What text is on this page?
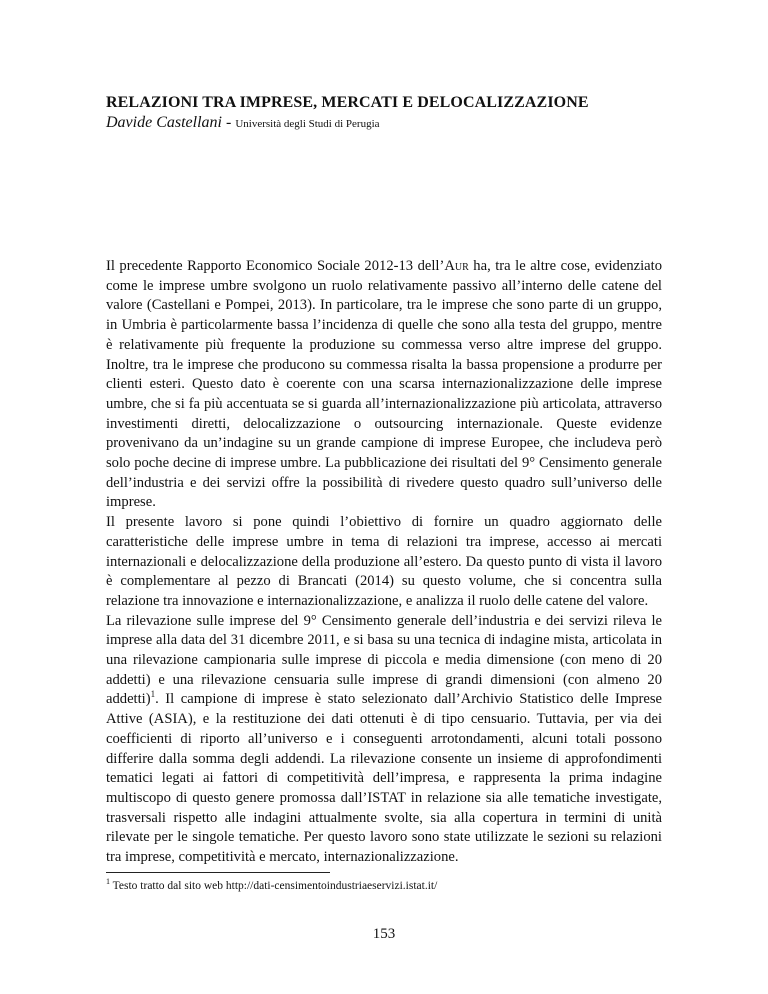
RELAZIONI TRA IMPRESE, MERCATI E DELOCALIZZAZIONE
Davide Castellani - Università degli Studi di Perugia

Il precedente Rapporto Economico Sociale 2012-13 dell’Aur ha, tra le altre cose, evidenziato come le imprese umbre svolgono un ruolo relativamente passivo all’interno delle catene del valore (Castellani e Pompei, 2013). In particolare, tra le imprese che sono parte di un gruppo, in Umbria è particolarmente bassa l’incidenza di quelle che sono alla testa del gruppo, mentre è relativamente più frequente la produzione su commessa verso altre imprese del gruppo. Inoltre, tra le imprese che producono su commessa risalta la bassa propensione a produrre per clienti esteri. Questo dato è coerente con una scarsa internazionalizzazione delle imprese umbre, che si fa più accentuata se si guarda all’internazionalizzazione più articolata, attraverso investimenti diretti, delocalizzazione o outsourcing internazionale. Queste evidenze provenivano da un’indagine su un grande campione di imprese Europee, che includeva però solo poche decine di imprese umbre. La pubblicazione dei risultati del 9° Censimento generale dell’industria e dei servizi offre la possibilità di rivedere questo quadro sull’universo delle imprese.

Il presente lavoro si pone quindi l’obiettivo di fornire un quadro aggiornato delle caratteristiche delle imprese umbre in tema di relazioni tra imprese, accesso ai mercati internazionali e delocalizzazione della produzione all’estero. Da questo punto di vista il lavoro è complementare al pezzo di Brancati (2014) su questo volume, che si concentra sulla relazione tra innovazione e internazionalizzazione, e analizza il ruolo delle catene del valore.

La rilevazione sulle imprese del 9° Censimento generale dell’industria e dei servizi rileva le imprese alla data del 31 dicembre 2011, e si basa su una tecnica di indagine mista, articolata in una rilevazione campionaria sulle imprese di piccola e media dimensione (con meno di 20 addetti) e una rilevazione censuaria sulle imprese di grandi dimensioni (con almeno 20 addetti)$^1$. Il campione di imprese è stato selezionato dall’Archivio Statistico delle Imprese Attive (ASIA), e la restituzione dei dati ottenuti è di tipo censuario. Tuttavia, per via dei coefficienti di riporto all’universo e i conseguenti arrotondamenti, alcuni totali possono differire dalla somma degli addendi. La rilevazione consente un insieme di approfondimenti tematici legati ai fattori di competitività dell’impresa, e rappresenta la prima indagine multiscopo di questo genere promossa dall’ISTAT in relazione sia alle tematiche investigate, trasversali rispetto alle indagini attualmente svolte, sia alla copertura in termini di unità rilevate per le singole tematiche. Per questo lavoro sono state utilizzate le sezioni su relazioni tra imprese, competitività e mercato, internazionalizzazione.

$^1$ Testo tratto dal sito web http://dati-censimentoindustriaeservizi.istat.it/
153
